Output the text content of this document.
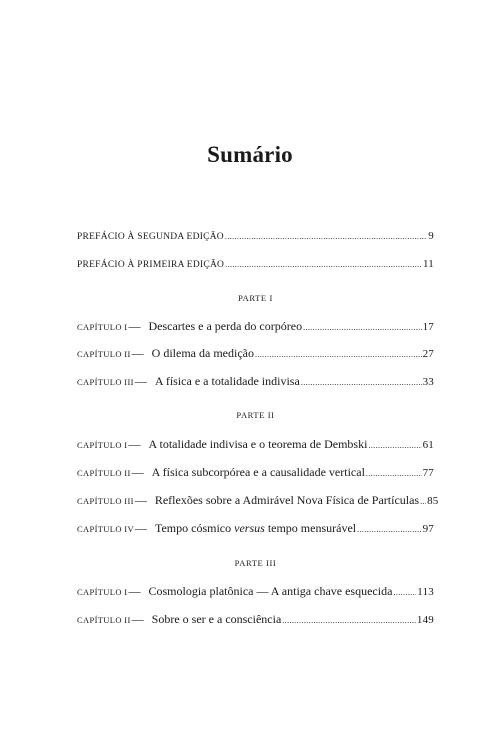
Sumário
PREFÁCIO À SEGUNDA EDIÇÃO .....	9
PREFÁCIO À PRIMEIRA EDIÇÃO .....	11
PARTE I
CAPÍTULO I — Descartes e a perda do corpóreo .....	17
CAPÍTULO II — O dilema da medição .....	27
CAPÍTULO III — A física e a totalidade indivisa .....	33
PARTE II
CAPÍTULO I — A totalidade indivisa e o teorema de Dembski .....	61
CAPÍTULO II — A física subcorpórea e a causalidade vertical .....	77
CAPÍTULO III — Reflexões sobre a Admirável Nova Física de Partículas ..... 85
CAPÍTULO IV — Tempo cósmico versus tempo mensurável .....	97
PARTE III
CAPÍTULO I — Cosmologia platônica — A antiga chave esquecida ..... 113
CAPÍTULO II — Sobre o ser e a consciência .....	149
